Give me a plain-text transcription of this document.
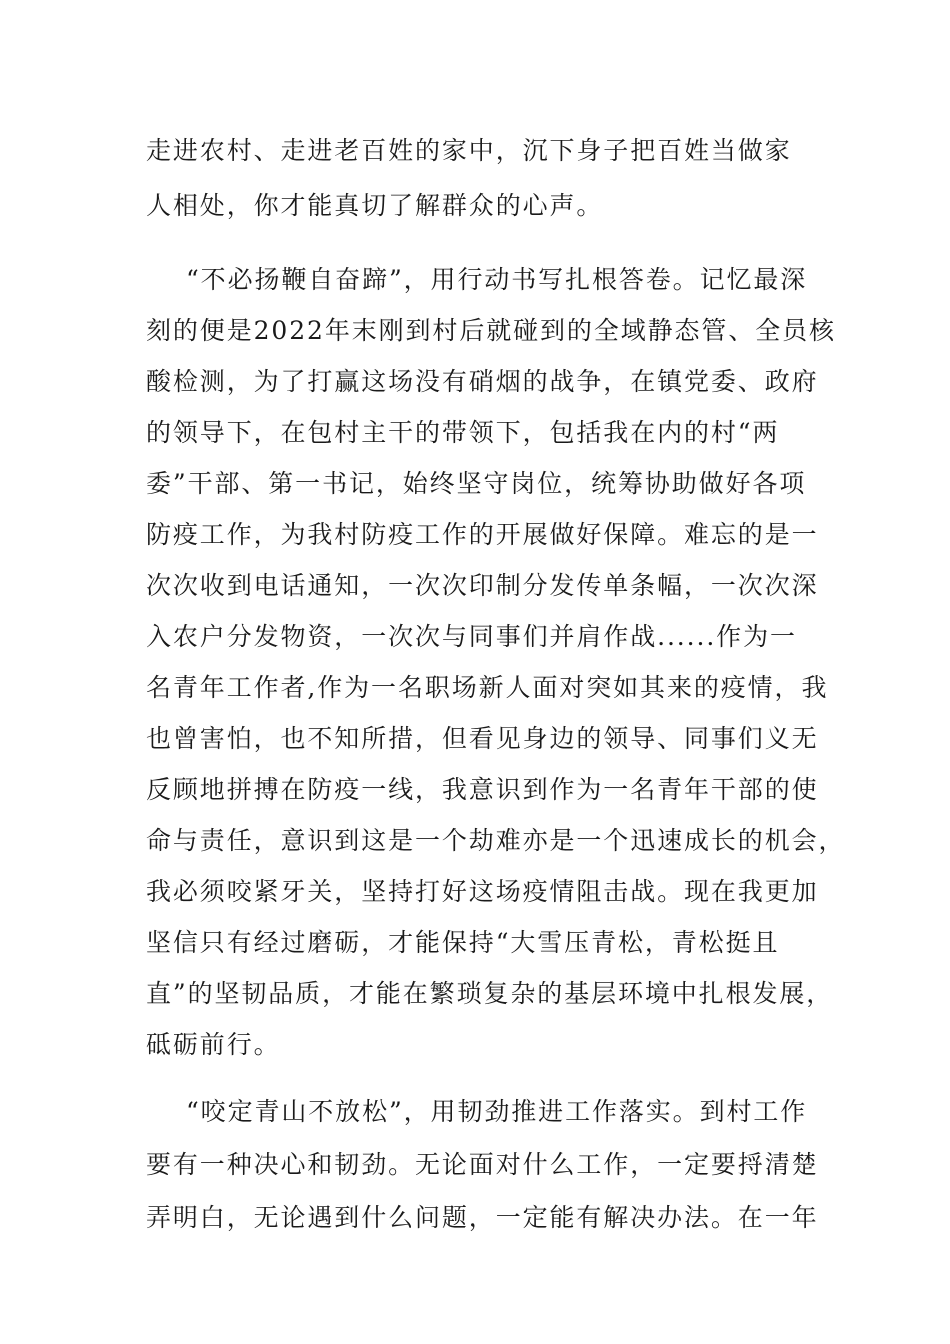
走进农村、走进老百姓的家中，沉下身子把百姓当做家
人相处，你才能真切了解群众的心声。
“不必扬鞭自奋蹄”，用行动书写扎根答卷。记忆最深
刻的便是2022年末刚到村后就碰到的全域静态管、全员核
酸检测，为了打赢这场没有硝烟的战争，在镇党委、政府
的领导下，在包村主干的带领下，包括我在内的村“两
委”干部、第一书记，始终坚守岗位，统筹协助做好各项
防疫工作，为我村防疫工作的开展做好保障。难忘的是一
次次收到电话通知，一次次印制分发传单条幅，一次次深
入农户分发物资，一次次与同事们并肩作战......作为一
名青年工作者,作为一名职场新人面对突如其来的疫情，我
也曾害怕，也不知所措，但看见身边的领导、同事们义无
反顾地拼搏在防疫一线，我意识到作为一名青年干部的使
命与责任，意识到这是一个劫难亦是一个迅速成长的机会，
我必须咬紧牙关，坚持打好这场疫情阻击战。现在我更加
坚信只有经过磨砺，才能保持“大雪压青松，青松挺且
直”的坚韧品质，才能在繁琐复杂的基层环境中扎根发展，
砥砺前行。
“咬定青山不放松”，用韧劲推进工作落实。到村工作
要有一种决心和韧劲。无论面对什么工作，一定要捋清楚
弄明白，无论遇到什么问题，一定能有解决办法。在一年
